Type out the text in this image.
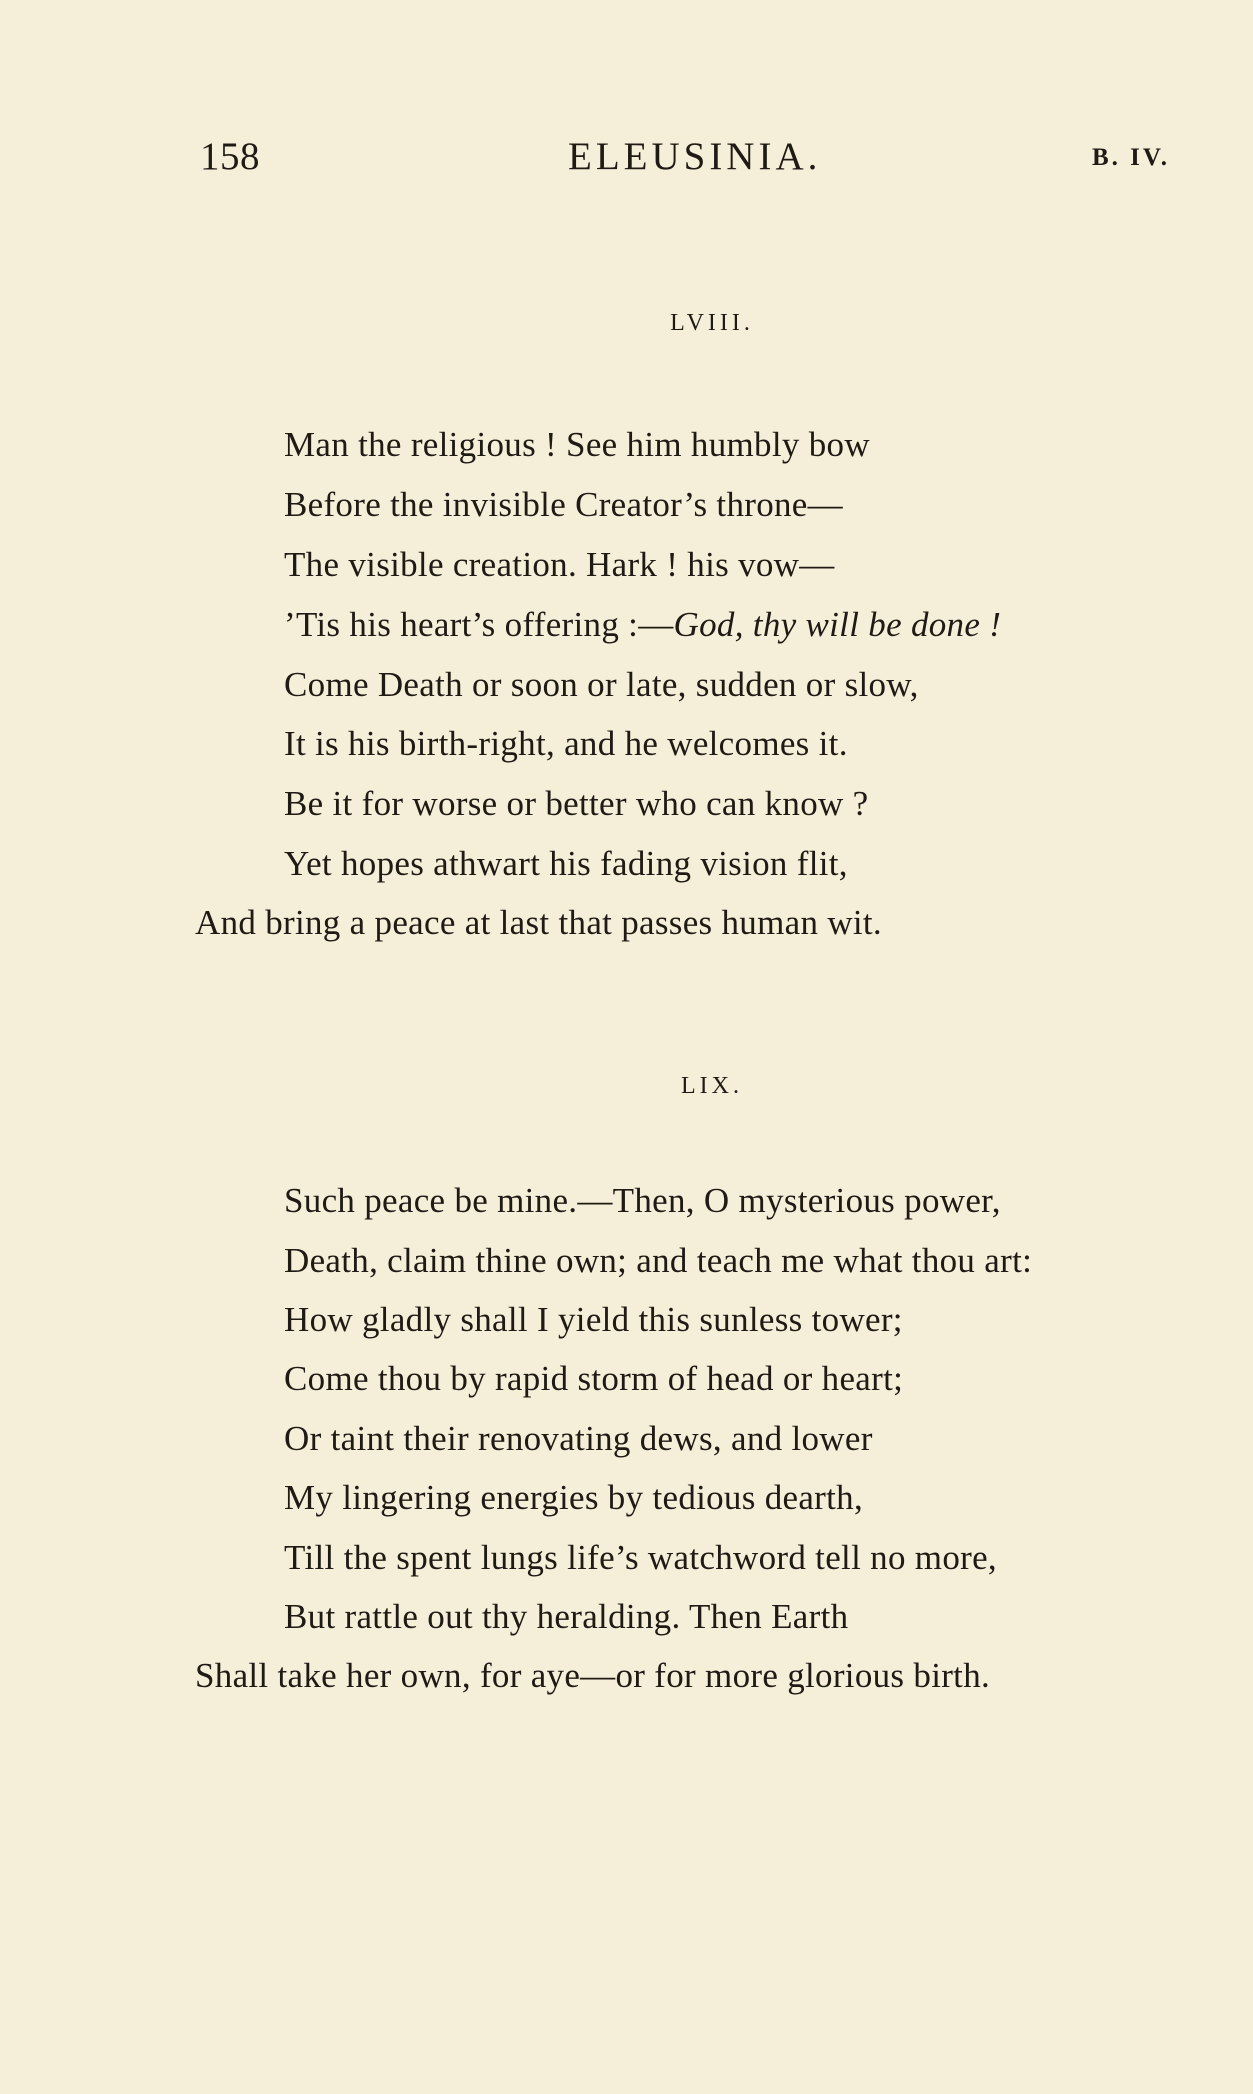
158	ELEUSINIA.	B. IV.
LVIII.
Man the religious ! See him humbly bow
Before the invisible Creator’s throne—
The visible creation. Hark ! his vow—
’Tis his heart’s offering :—God, thy will be done !
Come Death or soon or late, sudden or slow,
It is his birth-right, and he welcomes it.
Be it for worse or better who can know ?
Yet hopes athwart his fading vision flit,
And bring a peace at last that passes human wit.
LIX.
Such peace be mine.—Then, O mysterious power,
Death, claim thine own; and teach me what thou art:
How gladly shall I yield this sunless tower;
Come thou by rapid storm of head or heart;
Or taint their renovating dews, and lower
My lingering energies by tedious dearth,
Till the spent lungs life’s watchword tell no more,
But rattle out thy heralding. Then Earth
Shall take her own, for aye—or for more glorious birth.
